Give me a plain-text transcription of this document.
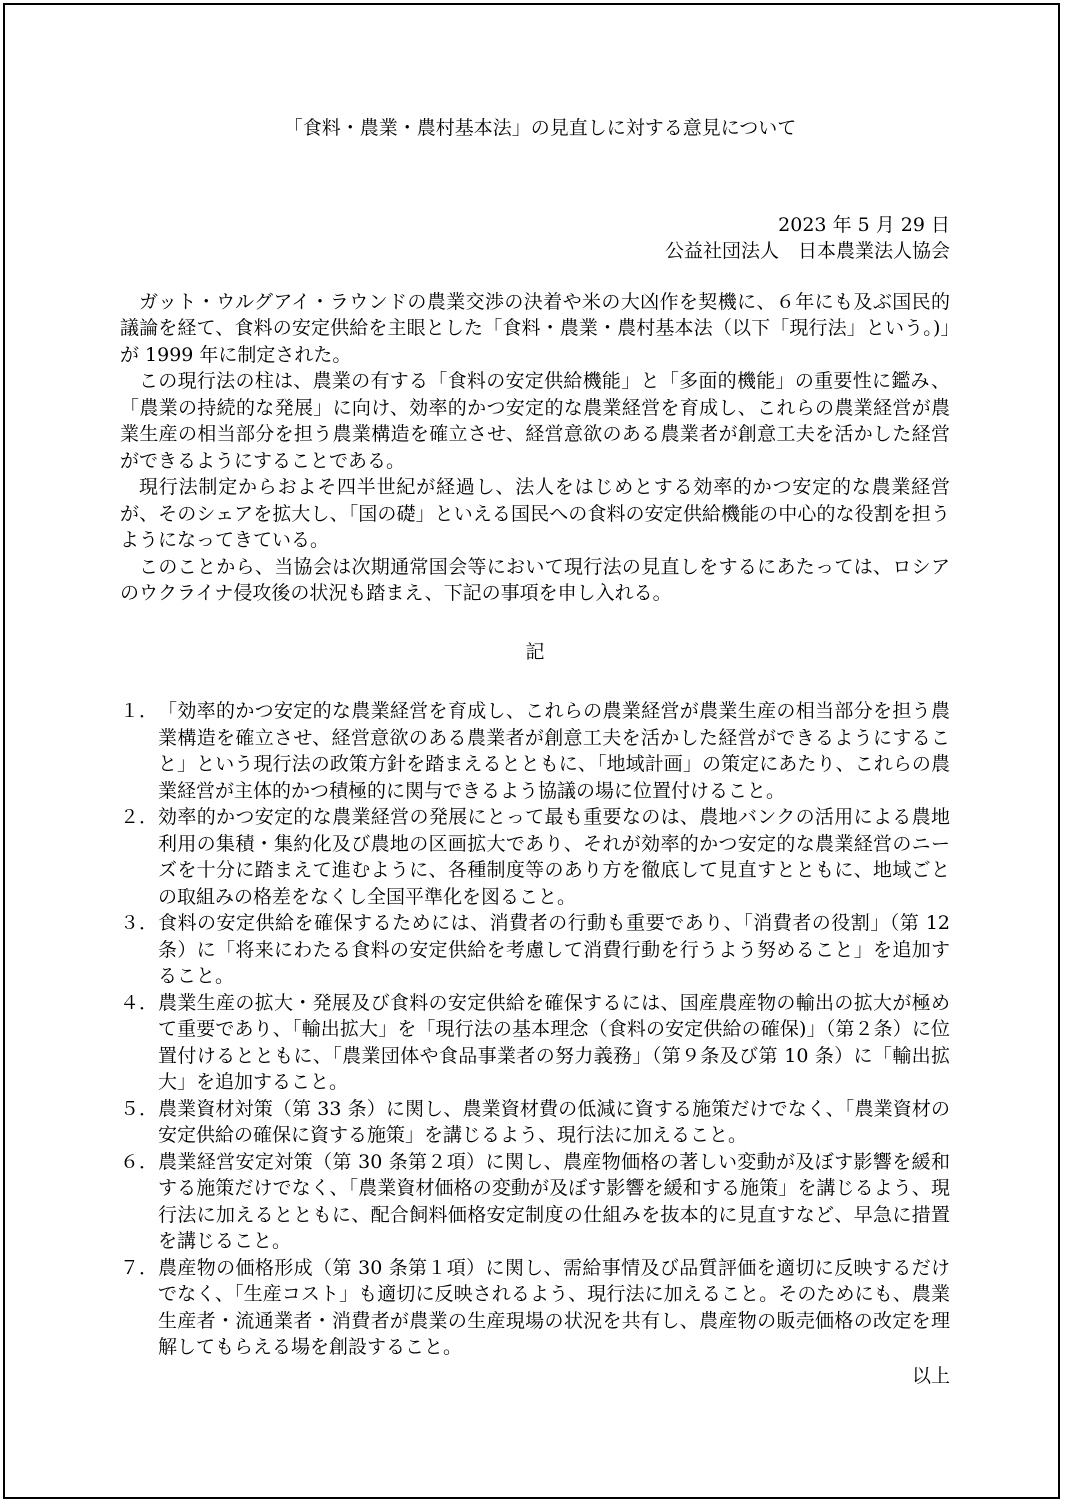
「食料・農業・農村基本法」の見直しに対する意見について

2023 年 5 月 29 日

公益社団法人　日本農業法人協会

ガット・ウルグアイ・ラウンドの農業交渉の決着や米の大凶作を契機に、６年にも及ぶ国民的議論を経て、食料の安定供給を主眼とした「食料・農業・農村基本法（以下「現行法」という。)」が 1999 年に制定された。

この現行法の柱は、農業の有する「食料の安定供給機能」と「多面的機能」の重要性に鑑み、「農業の持続的な発展」に向け、効率的かつ安定的な農業経営を育成し、これらの農業経営が農業生産の相当部分を担う農業構造を確立させ、経営意欲のある農業者が創意工夫を活かした経営ができるようにすることである。

現行法制定からおよそ四半世紀が経過し、法人をはじめとする効率的かつ安定的な農業経営が、そのシェアを拡大し、「国の礎」といえる国民への食料の安定供給機能の中心的な役割を担うようになってきている。

このことから、当協会は次期通常国会等において現行法の見直しをするにあたっては、ロシアのウクライナ侵攻後の状況も踏まえ、下記の事項を申し入れる。

記

１． 「効率的かつ安定的な農業経営を育成し、これらの農業経営が農業生産の相当部分を担う農業構造を確立させ、経営意欲のある農業者が創意工夫を活かした経営ができるようにすること」という現行法の政策方針を踏まえるとともに、「地域計画」の策定にあたり、これらの農業経営が主体的かつ積極的に関与できるよう協議の場に位置付けること。
２． 効率的かつ安定的な農業経営の発展にとって最も重要なのは、農地バンクの活用による農地利用の集積・集約化及び農地の区画拡大であり、それが効率的かつ安定的な農業経営のニーズを十分に踏まえて進むように、各種制度等のあり方を徹底して見直すとともに、地域ごとの取組みの格差をなくし全国平準化を図ること。
３． 食料の安定供給を確保するためには、消費者の行動も重要であり、「消費者の役割」（第 12 条）に「将来にわたる食料の安定供給を考慮して消費行動を行うよう努めること」を追加すること。
４． 農業生産の拡大・発展及び食料の安定供給を確保するには、国産農産物の輸出の拡大が極めて重要であり、「輸出拡大」を「現行法の基本理念（食料の安定供給の確保)」（第２条）に位置付けるとともに、「農業団体や食品事業者の努力義務」（第９条及び第 10 条）に「輸出拡大」を追加すること。
５． 農業資材対策（第 33 条）に関し、農業資材費の低減に資する施策だけでなく、「農業資材の安定供給の確保に資する施策」を講じるよう、現行法に加えること。
６． 農業経営安定対策（第 30 条第２項）に関し、農産物価格の著しい変動が及ぼす影響を緩和する施策だけでなく、「農業資材価格の変動が及ぼす影響を緩和する施策」を講じるよう、現行法に加えるとともに、配合飼料価格安定制度の仕組みを抜本的に見直すなど、早急に措置を講じること。
７． 農産物の価格形成（第 30 条第１項）に関し、需給事情及び品質評価を適切に反映するだけでなく、「生産コスト」も適切に反映されるよう、現行法に加えること。そのためにも、農業生産者・流通業者・消費者が農業の生産現場の状況を共有し、農産物の販売価格の改定を理解してもらえる場を創設すること。

以上
